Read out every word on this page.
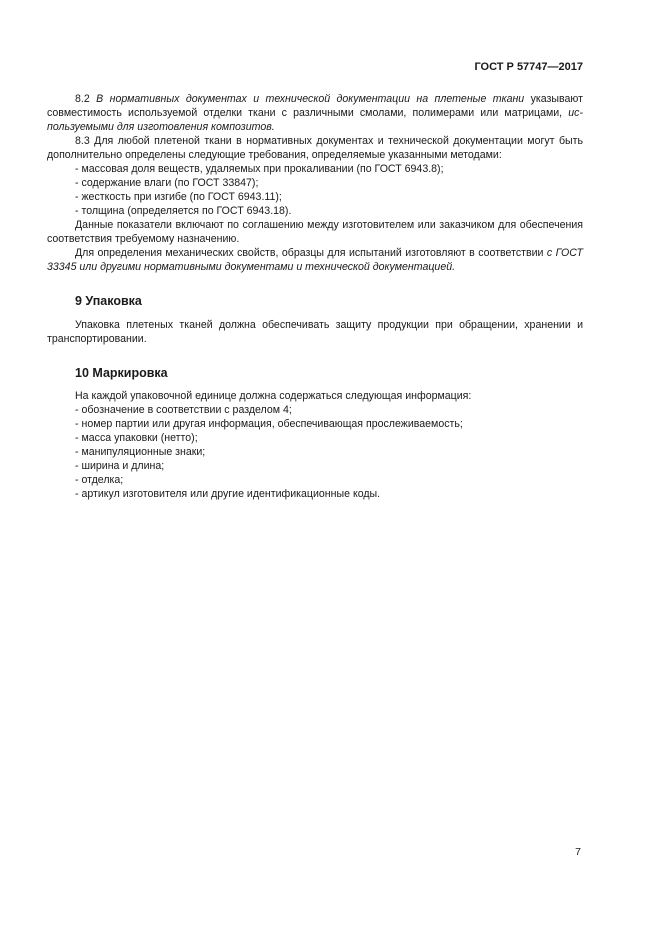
ГОСТ Р 57747—2017

8.2 В нормативных документах и технической документации на плетеные ткани указывают совместимость используемой отделки ткани с различными смолами, полимерами или матрицами, используемыми для изготовления композитов.

8.3 Для любой плетеной ткани в нормативных документах и технической документации могут быть дополнительно определены следующие требования, определяемые указанными методами:

- массовая доля веществ, удаляемых при прокаливании (по ГОСТ 6943.8);

- содержание влаги (по ГОСТ 33847);

- жесткость при изгибе (по ГОСТ 6943.11);

- толщина (определяется по ГОСТ 6943.18).

Данные показатели включают по соглашению между изготовителем или заказчиком для обеспечения соответствия требуемому назначению.

Для определения механических свойств, образцы для испытаний изготовляют в соответствии с ГОСТ 33345 или другими нормативными документами и технической документацией.

9 Упаковка

Упаковка плетеных тканей должна обеспечивать защиту продукции при обращении, хранении и транспортировании.

10 Маркировка

На каждой упаковочной единице должна содержаться следующая информация:

- обозначение в соответствии с разделом 4;

- номер партии или другая информация, обеспечивающая прослеживаемость;

- масса упаковки (нетто);

- манипуляционные знаки;

- ширина и длина;

- отделка;

- артикул изготовителя или другие идентификационные коды.

7
